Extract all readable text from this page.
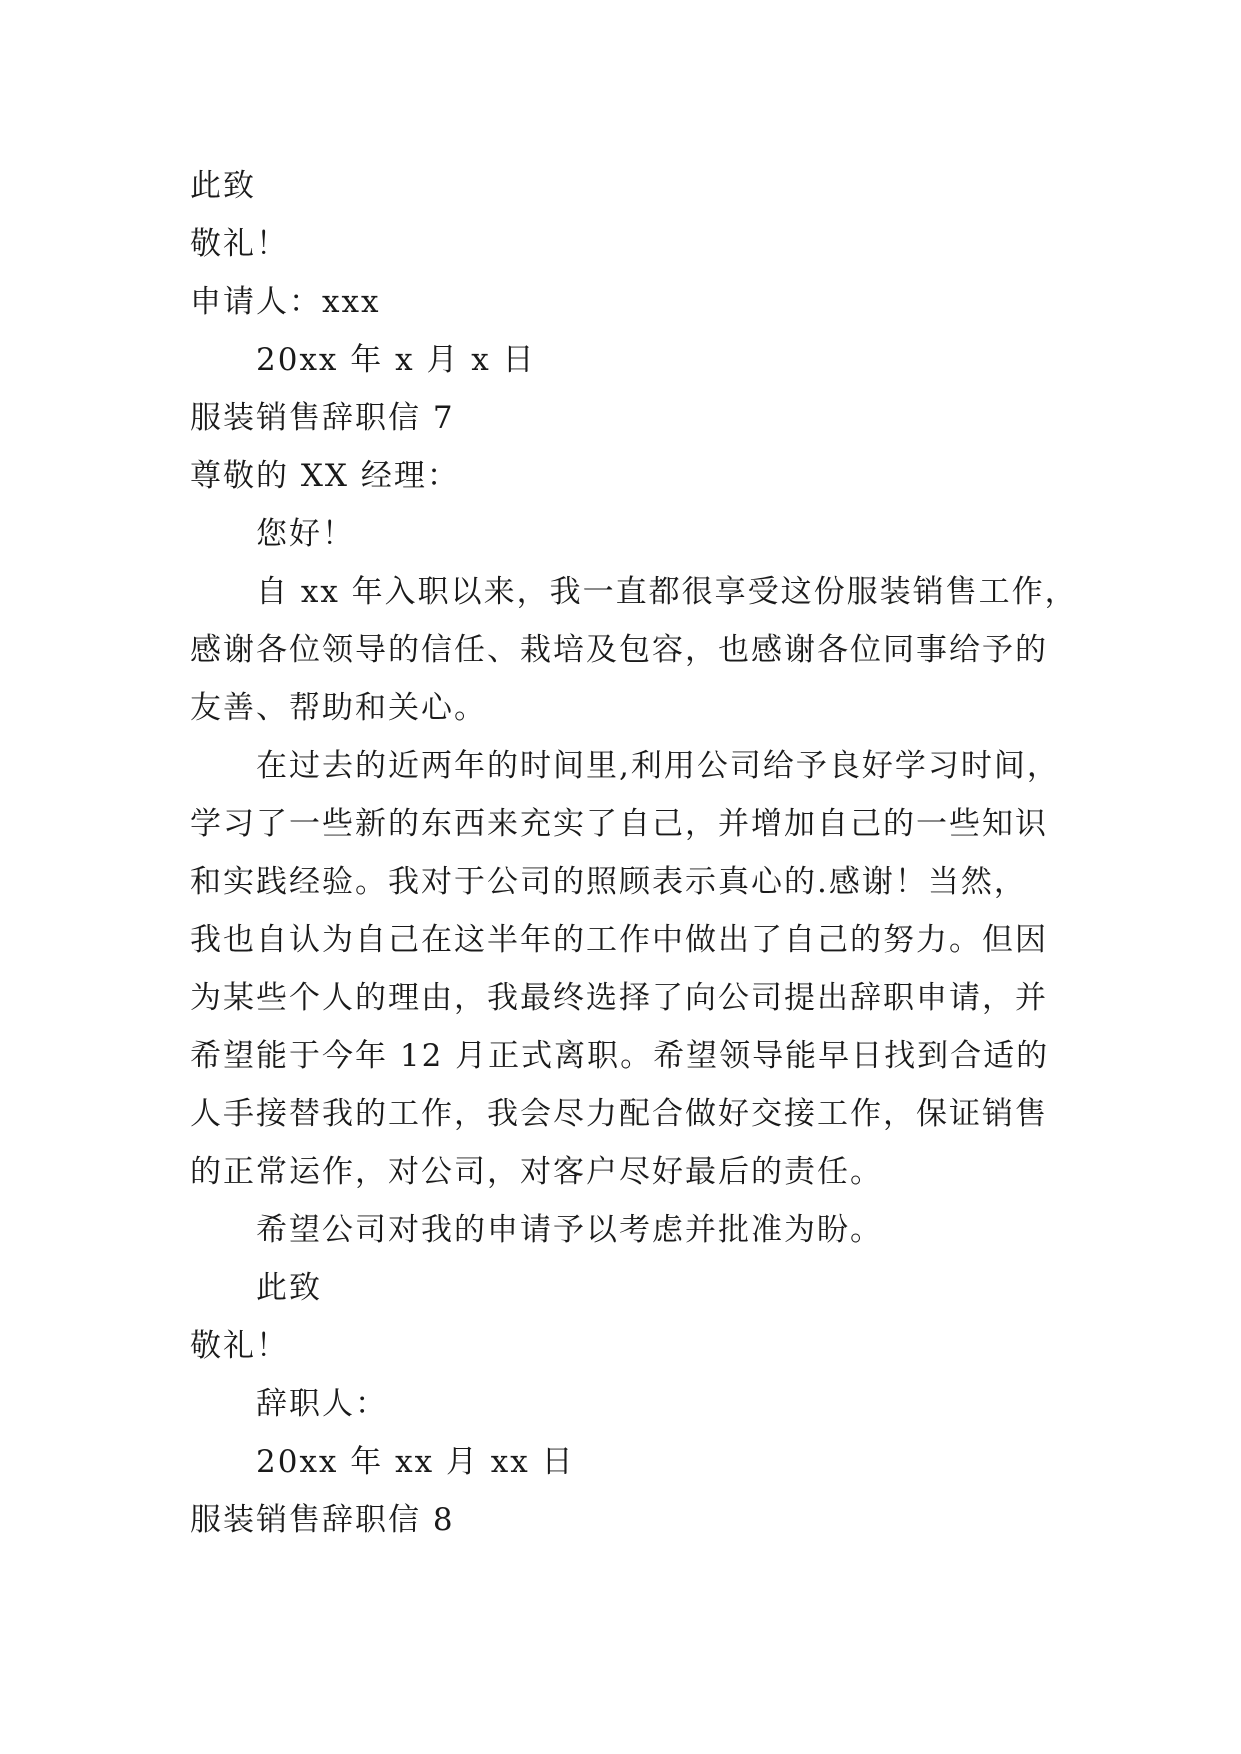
此致
敬礼！
申请人：xxx
20xx 年 x 月 x 日
服装销售辞职信 7
尊敬的 XX 经理：
您好！
自 xx 年入职以来，我一直都很享受这份服装销售工作，
感谢各位领导的信任、栽培及包容，也感谢各位同事给予的
友善、帮助和关心。
在过去的近两年的时间里,利用公司给予良好学习时间，
学习了一些新的东西来充实了自己，并增加自己的一些知识
和实践经验。我对于公司的照顾表示真心的.感谢！当然，
我也自认为自己在这半年的工作中做出了自己的努力。但因
为某些个人的理由，我最终选择了向公司提出辞职申请，并
希望能于今年 12 月正式离职。希望领导能早日找到合适的
人手接替我的工作，我会尽力配合做好交接工作，保证销售
的正常运作，对公司，对客户尽好最后的责任。
希望公司对我的申请予以考虑并批准为盼。
此致
敬礼！
辞职人：
20xx 年 xx 月 xx 日
服装销售辞职信 8
